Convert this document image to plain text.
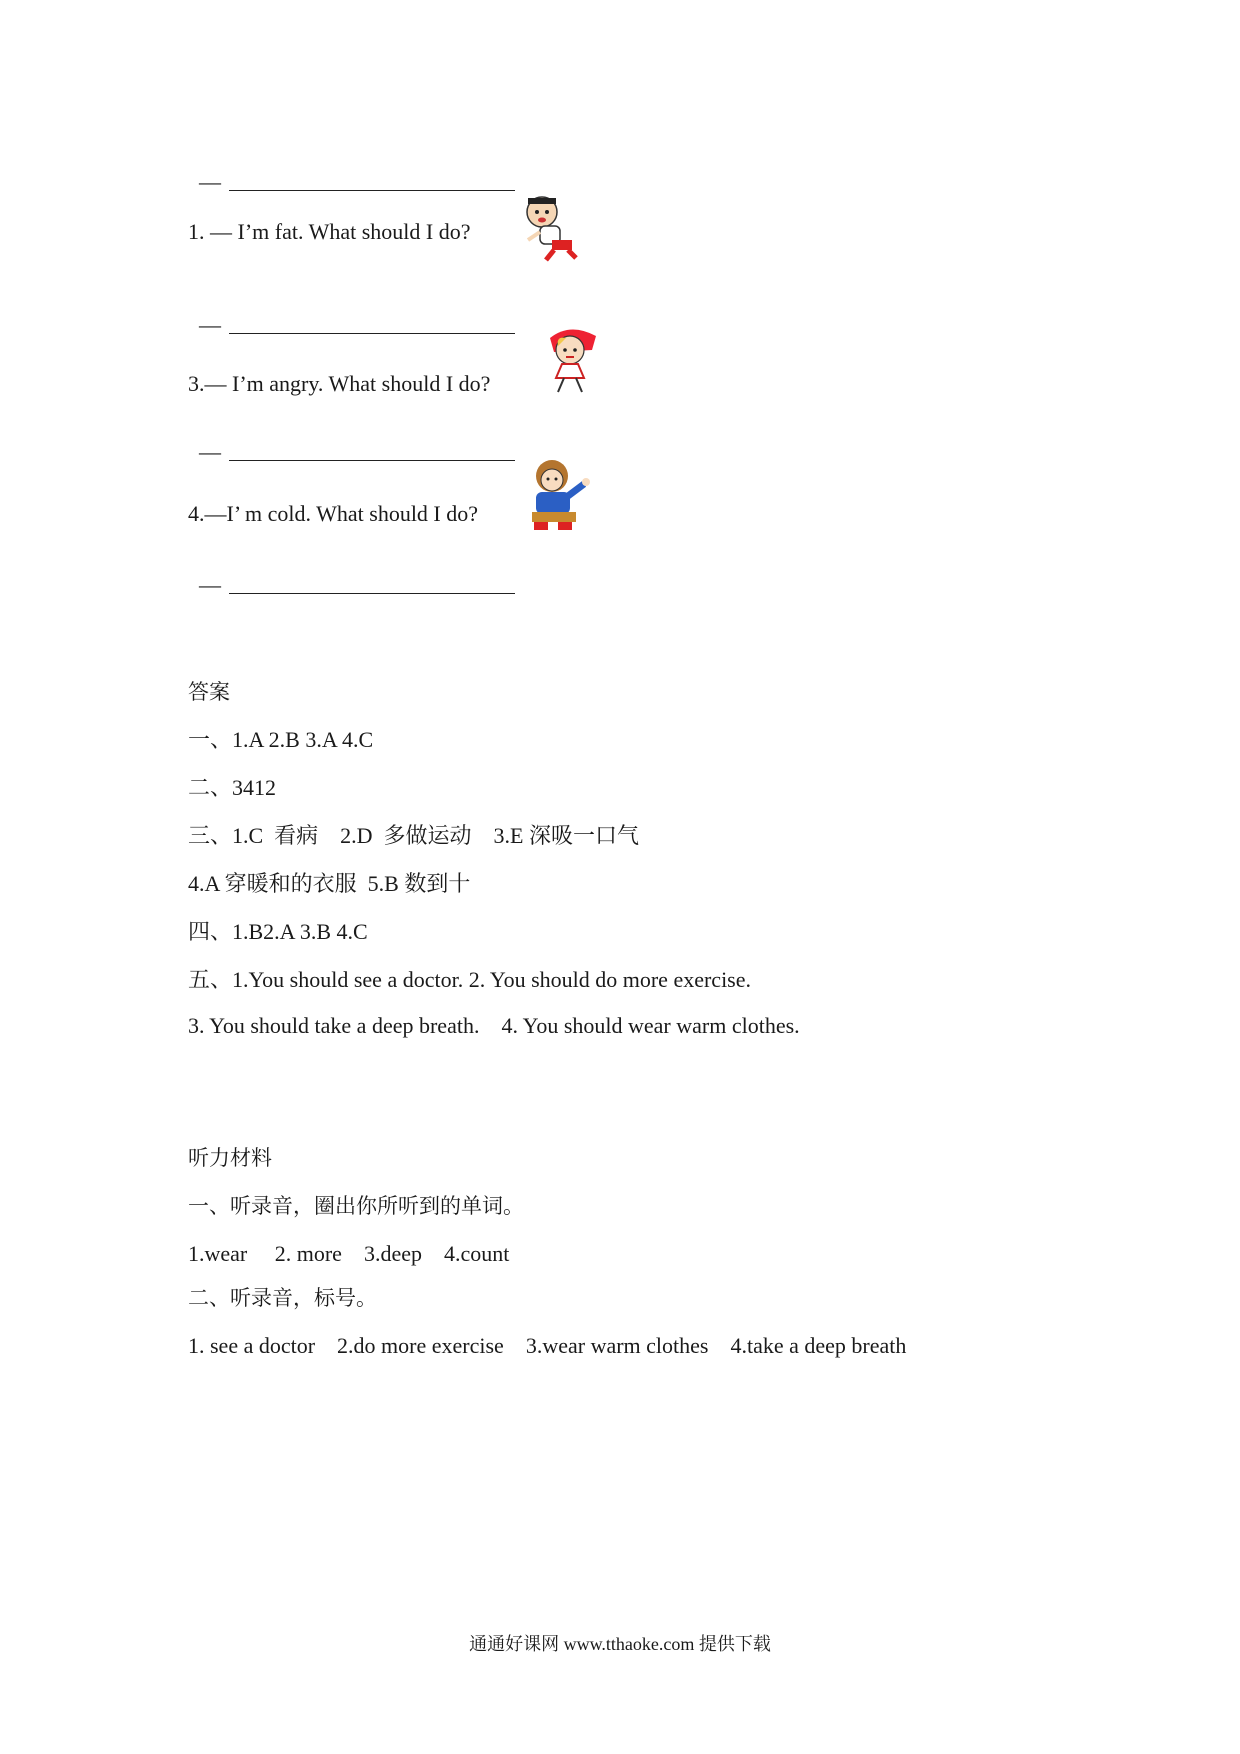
—

1. — I’m fat. What should I do?

—

3.— I’m angry. What should I do?

—

4.—I’ m cold. What should I do?

—

答案
一、1.A 2.B 3.A 4.C
二、3412
三、1.C  看病    2.D  多做运动    3.E 深吸一口气
4.A 穿暖和的衣服  5.B 数到十
四、1.B2.A 3.B 4.C
五、1.You should see a doctor. 2. You should do more exercise.
3. You should take a deep breath.    4. You should wear warm clothes.
听力材料
一、听录音，圈出你所听到的单词。
1.wear     2. more    3.deep    4.count
二、听录音，标号。
1. see a doctor    2.do more exercise    3.wear warm clothes    4.take a deep breath
通通好课网 www.tthaoke.com 提供下载
